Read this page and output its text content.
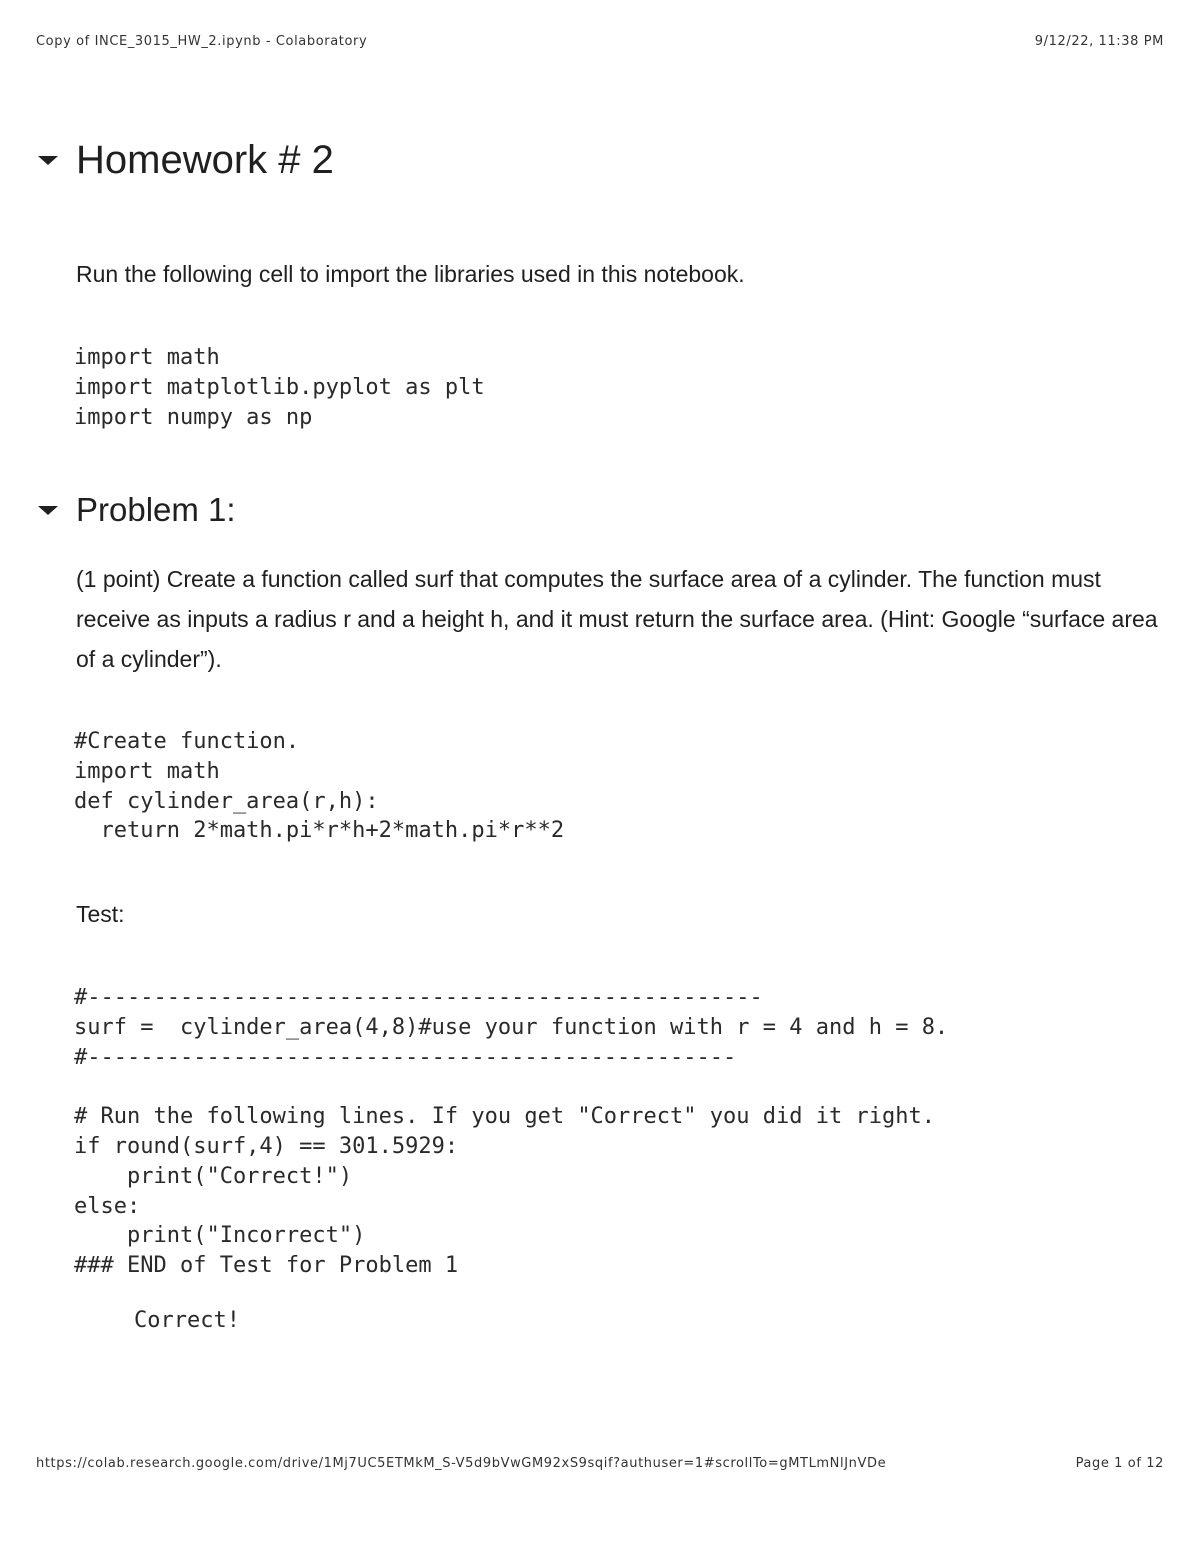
Copy of INCE_3015_HW_2.ipynb - Colaboratory	9/12/22, 11:38 PM
Homework # 2
Run the following cell to import the libraries used in this notebook.
import math
import matplotlib.pyplot as plt
import numpy as np
Problem 1:
(1 point) Create a function called surf that computes the surface area of a cylinder. The function must receive as inputs a radius r and a height h, and it must return the surface area. (Hint: Google “surface area of a cylinder”).
#Create function.
import math
def cylinder_area(r,h):
return 2*math.pi*r*h+2*math.pi*r**2
Test:
#---------------------------------------------------
surf =  cylinder_area(4,8)#use your function with r = 4 and h = 8.
#-------------------------------------------------
# Run the following lines. If you get "Correct" you did it right.
if round(surf,4) == 301.5929:
print("Correct!")
else:
print("Incorrect")
### END of Test for Problem 1
Correct!
https://colab.research.google.com/drive/1Mj7UC5ETMkM_S-V5d9bVwGM92xS9sqif?authuser=1#scrollTo=gMTLmNlJnVDe	Page 1 of 12
